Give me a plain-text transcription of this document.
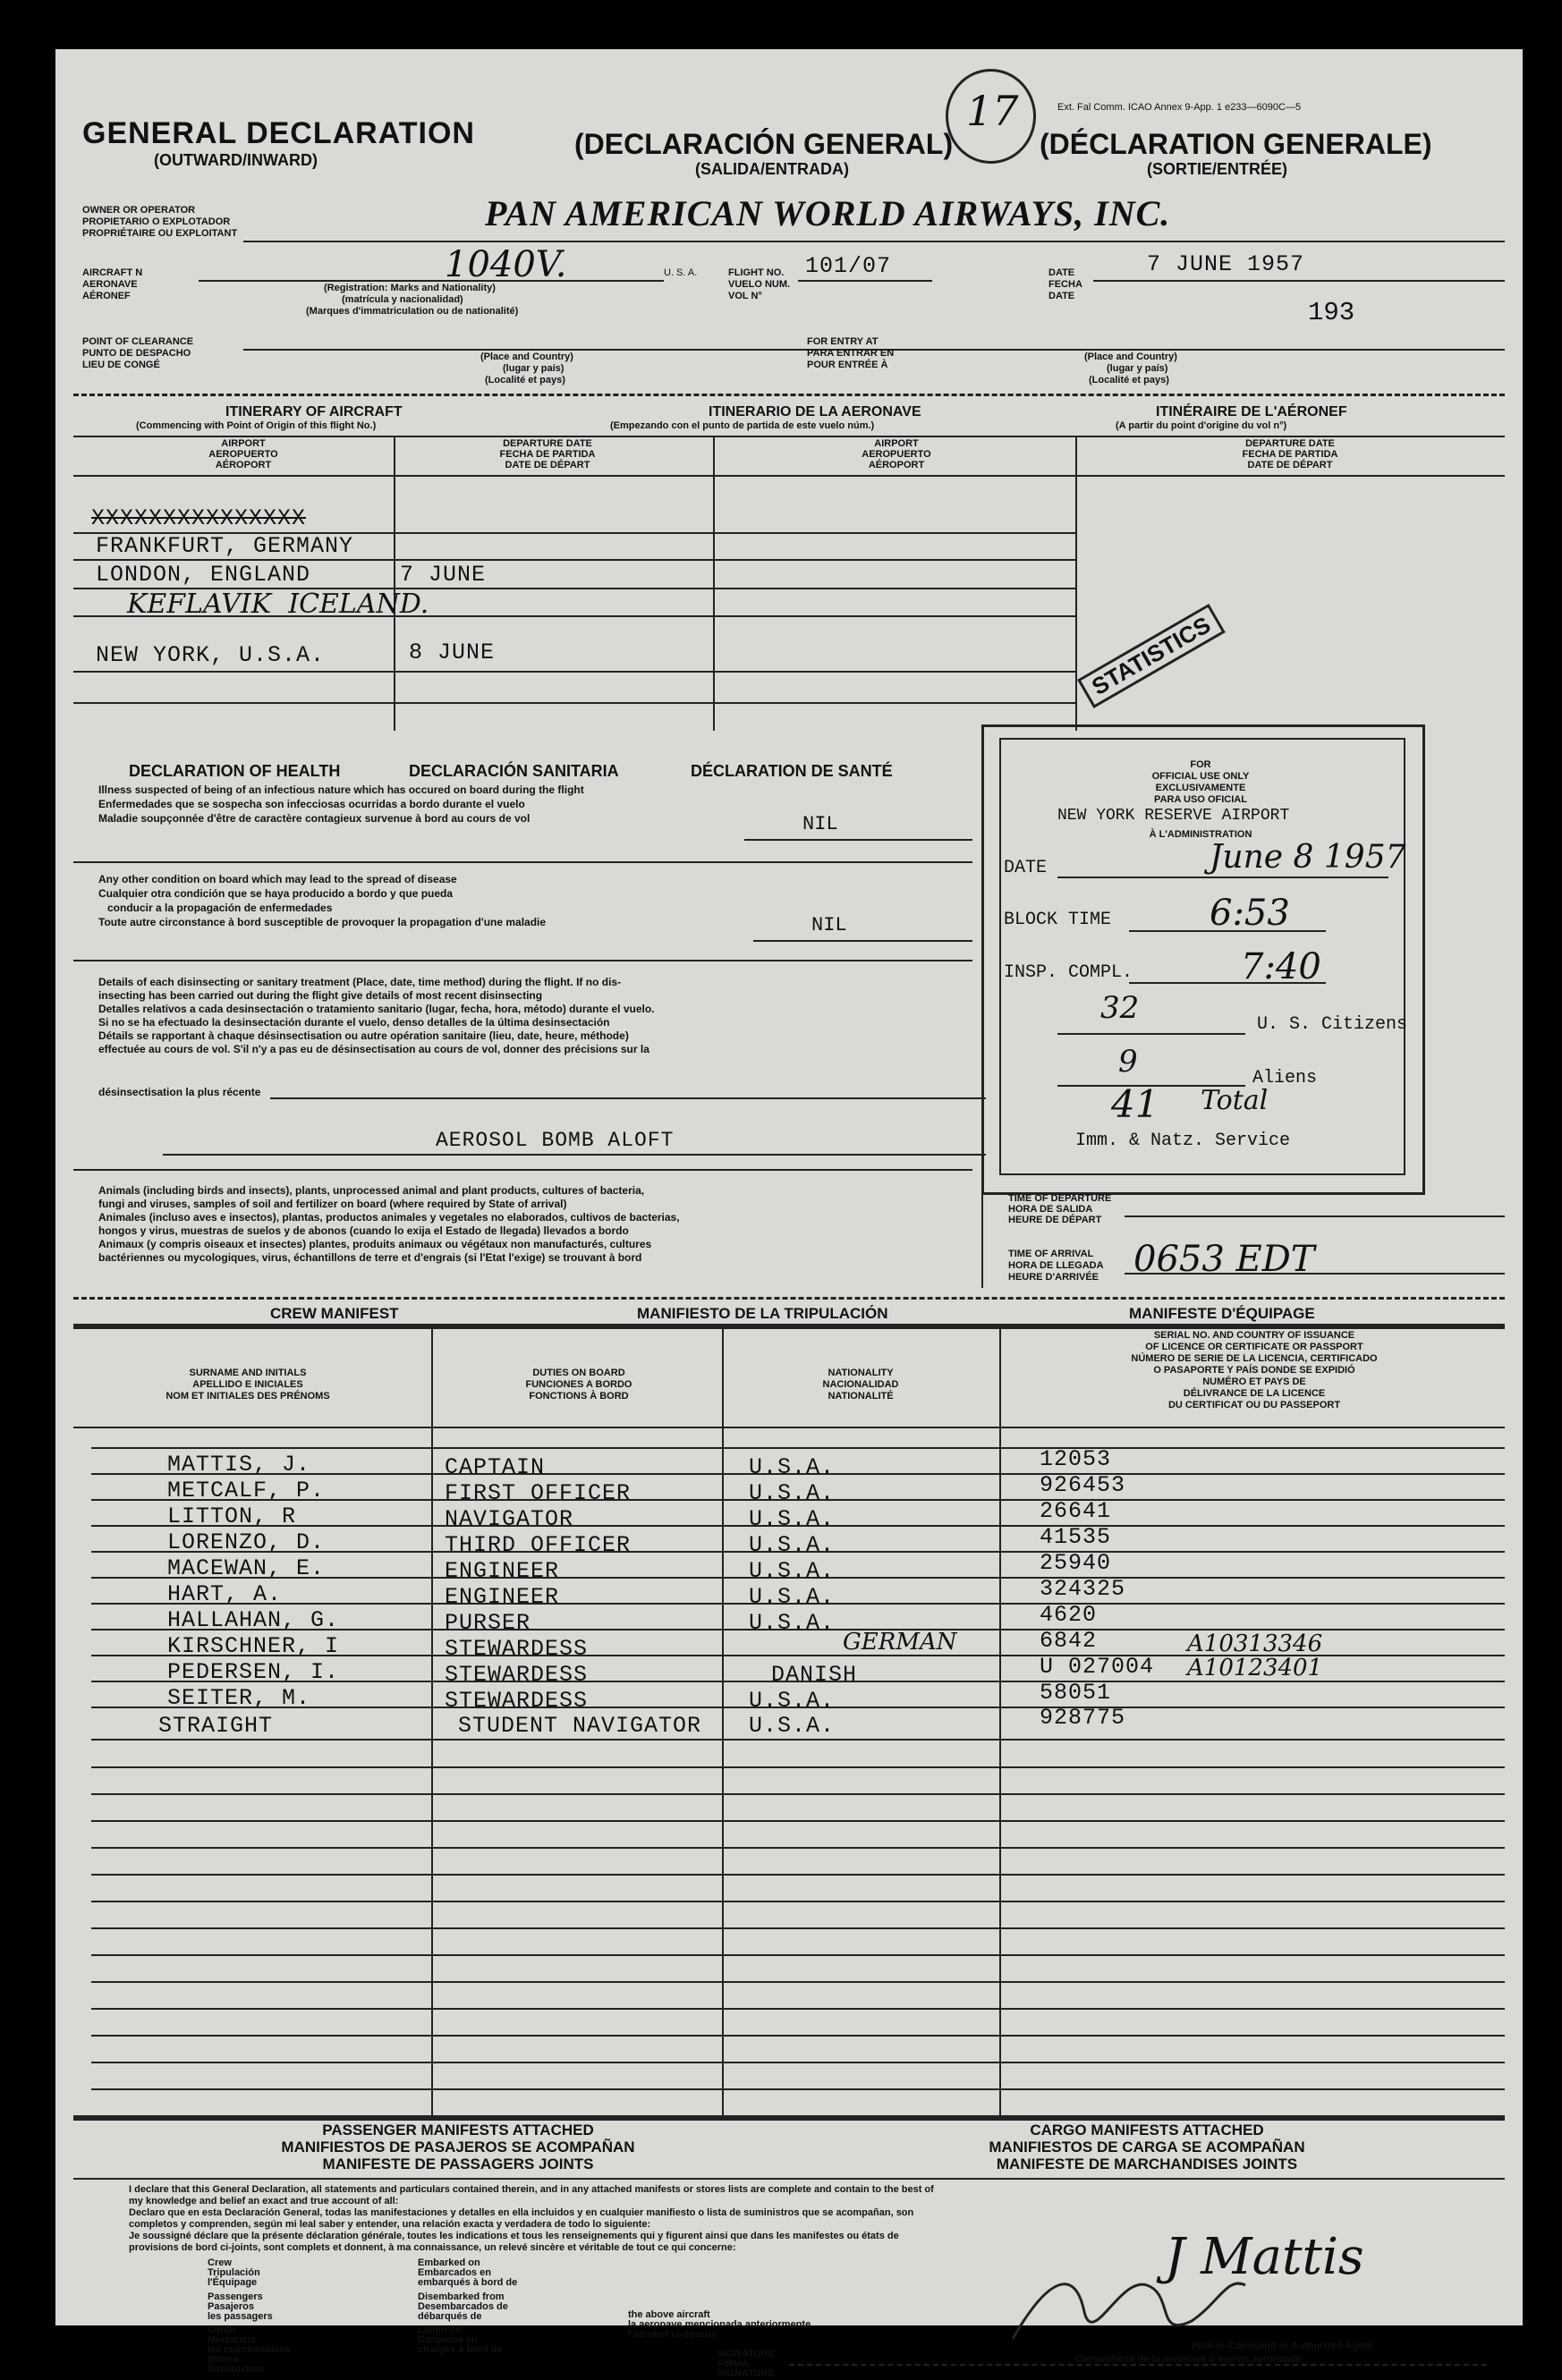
Ext. Fal Comm. ICAO Annex 9-App. 1 e233—6090C—5
GENERAL DECLARATION
(OUTWARD/INWARD)	(DECLARACIÓN GENERAL)
(SALIDA/ENTRADA)
(DÉCLARATION GENERALE)
(SORTIE/ENTRÉE)
17
OWNER OR OPERATOR
PROPIETARIO O EXPLOTADOR
PROPRIÉTAIRE OU EXPLOITANT	PAN AMERICAN WORLD AIRWAYS, INC.
AIRCRAFT N
AERONAVE
AÉRONEF
1040V.
(Registration: Marks and Nationality)
(matrícula y nacionalidad)
(Marques d'immatriculation ou de nationalité)
U. S. A.	FLIGHT NO.
VUELO NUM.
VOL N°
101/07	DATE
FECHA
DATE
7 JUNE 1957
193
POINT OF CLEARANCE
PUNTO DE DESPACHO
LIEU DE CONGÉ
(Place and Country)
(lugar y país)
(Localité et pays)
FOR ENTRY AT
PARA ENTRAR EN
POUR ENTRÉE À
(Place and Country)
(lugar y país)
(Localité et pays)
ITINERARY OF AIRCRAFT
(Commencing with Point of Origin of this flight No.)
ITINERARIO DE LA AERONAVE
(Empezando con el punto de partida de este vuelo núm.)
ITINÉRAIRE DE L'AÉRONEF
(A partir du point d'origine du vol n°)
AIRPORT
AEROPUERTO
AÉROPORT
DEPARTURE DATE
FECHA DE PARTIDA
DATE DE DÉPART
AIRPORT
AEROPUERTO
AÉROPORT
DEPARTURE DATE
FECHA DE PARTIDA
DATE DE DÉPART
XXXXXXXXXXXXXXX
FRANKFURT, GERMANY
LONDON, ENGLAND	7 JUNE
KEFLAVIK  ICELAND.
NEW YORK, U.S.A.	8 JUNE	STATISTICS
FOR
OFFICIAL USE ONLY
EXCLUSIVAMENTE
PARA USO OFICIAL
À L'ADMINISTRATION
NEW YORK RESERVE AIRPORT
DATE	June 8 1957
BLOCK TIME	6:53
INSP. COMPL.	7:40
32	U. S. Citizens
9	Aliens
41 Total
Imm. & Natz. Service
DECLARATION OF HEALTH	DECLARACIÓN SANITARIA	DÉCLARATION DE SANTÉ
Illness suspected of being of an infectious nature which has occured on board during the flight
Enfermedades que se sospecha son infecciosas ocurridas a bordo durante el vuelo
Maladie soupçonnée d'être de caractère contagieux survenue à bord au cours de vol	NIL
Any other condition on board which may lead to the spread of disease
Cualquier otra condición que se haya producido a bordo y que pueda
conducir a la propagación de enfermedades
Toute autre circonstance à bord susceptible de provoquer la propagation d'une maladie	NIL
Details of each disinsecting or sanitary treatment (Place, date, time method) during the flight. If no dis-
insecting has been carried out during the flight give details of most recent disinsecting
Detalles relativos a cada desinsectación o tratamiento sanitario (lugar, fecha, hora, método) durante el vuelo.
Si no se ha efectuado la desinsectación durante el vuelo, denso detalles de la última desinsectación
Détails se rapportant à chaque désinsectisation ou autre opération sanitaire (lieu, date, heure, méthode)
effectuée au cours de vol. S'il n'y a pas eu de désinsectisation au cours de vol, donner des précisions sur la
désinsectisation la plus récente
AEROSOL BOMB ALOFT
Animals (including birds and insects), plants, unprocessed animal and plant products, cultures of bacteria,
fungi and viruses, samples of soil and fertilizer on board (where required by State of arrival)
Animales (incluso aves e insectos), plantas, productos animales y vegetales no elaborados, cultivos de bacterias,
hongos y virus, muestras de suelos y de abonos (cuando lo exija el Estado de llegada) llevados a bordo
Animaux (y compris oiseaux et insectes) plantes, produits animaux ou végétaux non manufacturés, cultures
bactériennes ou mycologiques, virus, échantillons de terre et d'engrais (si l'Etat l'exige) se trouvant à bord
TIME OF DEPARTURE
HORA DE SALIDA
HEURE DE DÉPART
TIME OF ARRIVAL
HORA DE LLEGADA
HEURE D'ARRIVÉE 0653 EDT
CREW MANIFEST	MANIFIESTO DE LA TRIPULACIÓN	MANIFESTE D'ÉQUIPAGE
SURNAME AND INITIALS
APELLIDO E INICIALES
NOM ET INITIALES DES PRÉNOMS
DUTIES ON BOARD
FUNCIONES A BORDO
FONCTIONS À BORD
NATIONALITY
NACIONALIDAD
NATIONALITÉ
SERIAL NO. AND COUNTRY OF ISSUANCE
OF LICENCE OR CERTIFICATE OR PASSPORT
NÚMERO DE SERIE DE LA LICENCIA, CERTIFICADO
O PASAPORTE Y PAÍS DONDE SE EXPIDIÓ
NUMÉRO ET PAYS DE
DÉLIVRANCE DE LA LICENCE
DU CERTIFICAT OU DU PASSEPORT
MATTIS, J.	CAPTAIN	U.S.A.	12053
METCALF, P.	FIRST OFFICER	U.S.A.	926453
LITTON, R	NAVIGATOR	U.S.A.	26641
LORENZO, D.	THIRD OFFICER	U.S.A.	41535
MACEWAN, E.	ENGINEER	U.S.A.	25940
HART, A.	ENGINEER	U.S.A.	324325
HALLAHAN, G.	PURSER	U.S.A.	4620
KIRSCHNER, I	STEWARDESS	GERMAN	6842	A10313346
PEDERSEN, I.	STEWARDESS	DANISH	U 027004 A10123401
SEITER, M.	STEWARDESS	U.S.A.	58051
STRAIGHT	STUDENT NAVIGATOR U.S.A.	928775
PASSENGER MANIFESTS ATTACHED
MANIFIESTOS DE PASAJEROS SE ACOMPAÑAN
MANIFESTE DE PASSAGERS JOINTS
CARGO MANIFESTS ATTACHED
MANIFIESTOS DE CARGA SE ACOMPAÑAN
MANIFESTE DE MARCHANDISES JOINTS
I declare that this General Declaration, all statements and particulars contained therein, and in any attached manifests or stores lists are complete and contain to the best of
my knowledge and belief an exact and true account of all:
Declaro que en esta Declaración General, todas las manifestaciones y detalles en ella incluidos y en cualquier manifiesto o lista de suministros que se acompañan, son
completos y comprenden, según mi leal saber y entender, una relación exacta y verdadera de todo lo siguiente:
Je soussigné déclare que la présente déclaration générale, toutes les indications et tous les renseignements qui y figurent ainsi que dans les manifestes ou états de
provisions de bord ci-joints, sont complets et donnent, à ma connaissance, un relevé sincère et véritable de tout ce qui concerne:
Crew
Tripulación
l'Équipage
Passengers
Pasajeros
les passagers
Cargo
Mercancía
les marchandises
Stores
Suministros
Embarked on
Embarcados en
embarqués à bord de
Disembarked from
Desembarcados de
débarqués de
Laden on
Cargados en
chargés à bord de
the above aircraft
la aeronave mencionada anteriormente
l'aéronef ci-dessus
J Mattis
SIGNATURE
FIRMA
SIGNATURE
Pilot-in-Command or Authorized Agent
Comandante de la aeronave o agente autorizado
